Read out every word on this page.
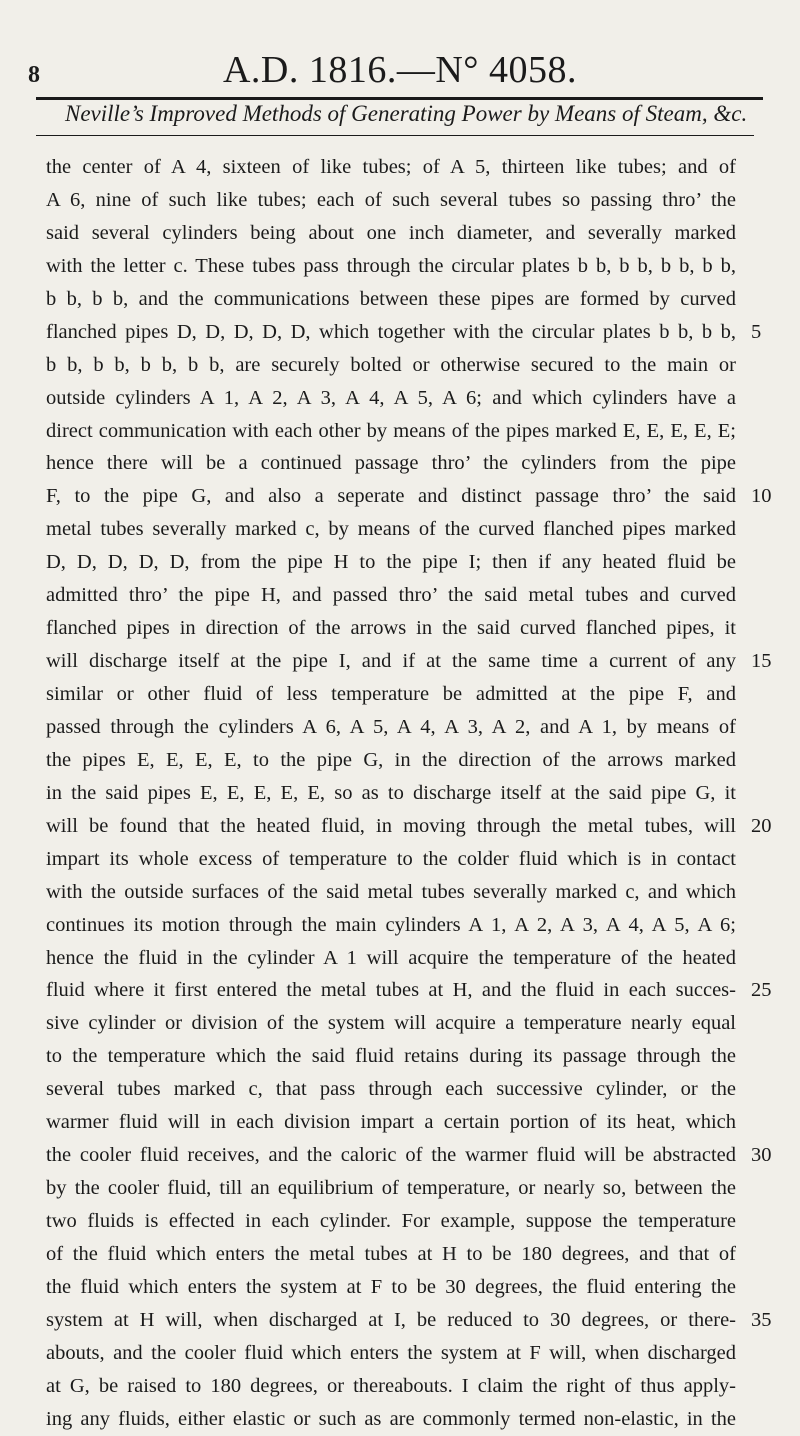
8	A.D. 1816.—N° 4058.
Neville’s Improved Methods of Generating Power by Means of Steam, &c.
the center of A 4, sixteen of like tubes; of A 5, thirteen like tubes; and of
A 6, nine of such like tubes; each of such several tubes so passing thro’ the
said several cylinders being about one inch diameter, and severally marked
with the letter c. These tubes pass through the circular plates b b, b b, b b, b b,
b b, b b, and the communications between these pipes are formed by curved
flanched pipes D, D, D, D, D, which together with the circular plates b b, b b,
b b, b b, b b, b b, are securely bolted or otherwise secured to the main or
outside cylinders A 1, A 2, A 3, A 4, A 5, A 6; and which cylinders have a
direct communication with each other by means of the pipes marked E, E, E, E, E;
hence there will be a continued passage thro’ the cylinders from the pipe
F, to the pipe G, and also a seperate and distinct passage thro’ the said
metal tubes severally marked c, by means of the curved flanched pipes marked
D, D, D, D, D, from the pipe H to the pipe I; then if any heated fluid be
admitted thro’ the pipe H, and passed thro’ the said metal tubes and curved
flanched pipes in direction of the arrows in the said curved flanched pipes, it
will discharge itself at the pipe I, and if at the same time a current of any
similar or other fluid of less temperature be admitted at the pipe F, and
passed through the cylinders A 6, A 5, A 4, A 3, A 2, and A 1, by means of
the pipes E, E, E, E, to the pipe G, in the direction of the arrows marked
in the said pipes E, E, E, E, E, so as to discharge itself at the said pipe G, it
will be found that the heated fluid, in moving through the metal tubes, will
impart its whole excess of temperature to the colder fluid which is in contact
with the outside surfaces of the said metal tubes severally marked c, and which
continues its motion through the main cylinders A 1, A 2, A 3, A 4, A 5, A 6;
hence the fluid in the cylinder A 1 will acquire the temperature of the heated
fluid where it first entered the metal tubes at H, and the fluid in each succes-
sive cylinder or division of the system will acquire a temperature nearly equal
to the temperature which the said fluid retains during its passage through the
several tubes marked c, that pass through each successive cylinder, or the
warmer fluid will in each division impart a certain portion of its heat, which
the cooler fluid receives, and the caloric of the warmer fluid will be abstracted
by the cooler fluid, till an equilibrium of temperature, or nearly so, between the
two fluids is effected in each cylinder. For example, suppose the temperature
of the fluid which enters the metal tubes at H to be 180 degrees, and that of
the fluid which enters the system at F to be 30 degrees, the fluid entering the
system at H will, when discharged at I, be reduced to 30 degrees, or there-
abouts, and the cooler fluid which enters the system at F will, when discharged
at G, be raised to 180 degrees, or thereabouts. I claim the right of thus apply-
ing any fluids, either elastic or such as are commonly termed non-elastic, in the
5
10
15
20
25
30
35
